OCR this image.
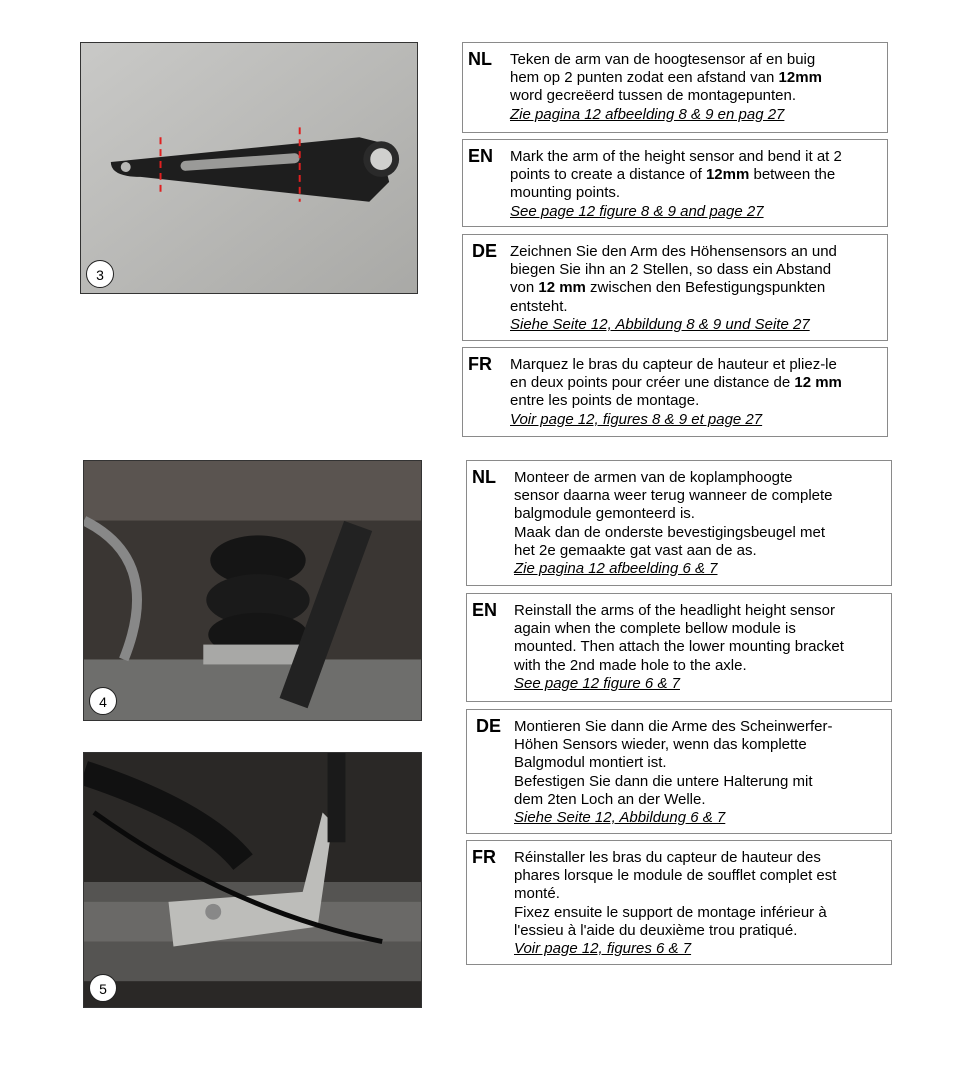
3
4
5
NL Teken de arm van de hoogtesensor af en buig
hem op 2 punten zodat een afstand van 12mm
word gecreëerd tussen de montagepunten.
Zie pagina 12 afbeelding 8 & 9 en pag 27
EN Mark the arm of the height sensor and bend it at 2
points to create a distance of 12mm between the
mounting points.
See page 12 figure 8 & 9 and page 27
DE Zeichnen Sie den Arm des Höhensensors an und
biegen Sie ihn an 2 Stellen, so dass ein Abstand
von 12 mm zwischen den Befestigungspunkten
entsteht.
Siehe Seite 12, Abbildung 8 & 9 und Seite 27
FR Marquez le bras du capteur de hauteur et pliez-le
en deux points pour créer une distance de 12 mm
entre les points de montage.
Voir page 12, figures 8 & 9 et page 27
NL Monteer de armen van de koplamphoogte
sensor daarna weer terug wanneer de complete
balgmodule gemonteerd is.
Maak dan de onderste bevestigingsbeugel met
het 2e gemaakte gat vast aan de as.
Zie pagina 12 afbeelding 6 & 7
EN Reinstall the arms of the headlight height sensor
again when the complete bellow module is
mounted. Then attach the lower mounting bracket
with the 2nd made hole to the axle.
See page 12 figure 6 & 7
DE Montieren Sie dann die Arme des Scheinwerfer-
Höhen Sensors wieder, wenn das komplette
Balgmodul montiert ist.
Befestigen Sie dann die untere Halterung mit
dem 2ten Loch an der Welle.
Siehe Seite 12, Abbildung 6 & 7
FR Réinstaller les bras du capteur de hauteur des
phares lorsque le module de soufflet complet est
monté.
Fixez ensuite le support de montage inférieur à
l'essieu à l'aide du deuxième trou pratiqué.
Voir page 12, figures 6 & 7
